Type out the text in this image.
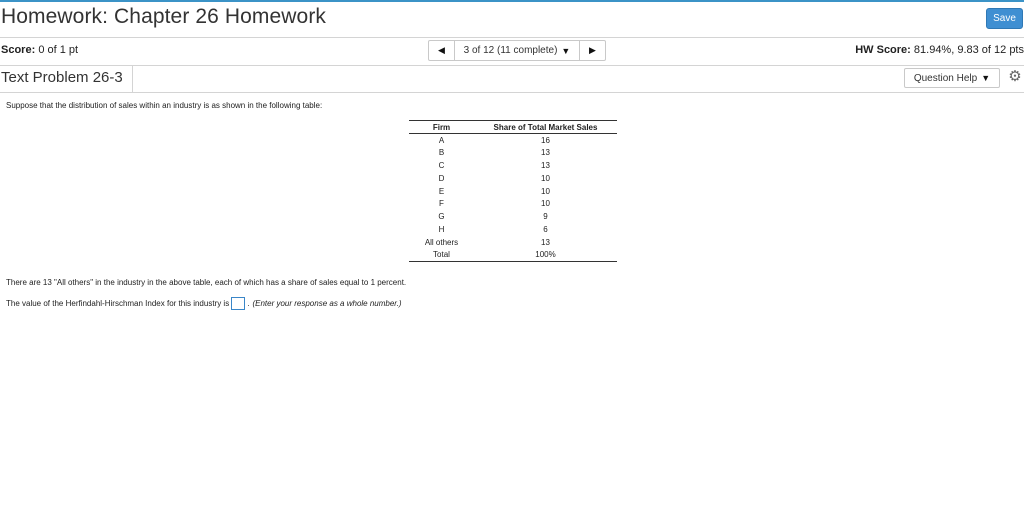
Homework: Chapter 26 Homework	Save
Score: 0 of 1 pt	◀ 3 of 12 (11 complete) ▼ ▶	HW Score: 81.94%, 9.83 of 12 pts
Text Problem 26-3	Question Help ▼ ⚙
Suppose that the distribution of sales within an industry is as shown in the following table:
Firm	Share of Total Market Sales
A	16
B	13
C	13
D	10
E	10
F	10
G	9
H	6
All others	13
Total	100%
There are 13 "All others" in the industry in the above table, each of which has a share of sales equal to 1 percent.
The value of the Herfindahl-Hirschman Index for this industry is . (Enter your response as a whole number.)
